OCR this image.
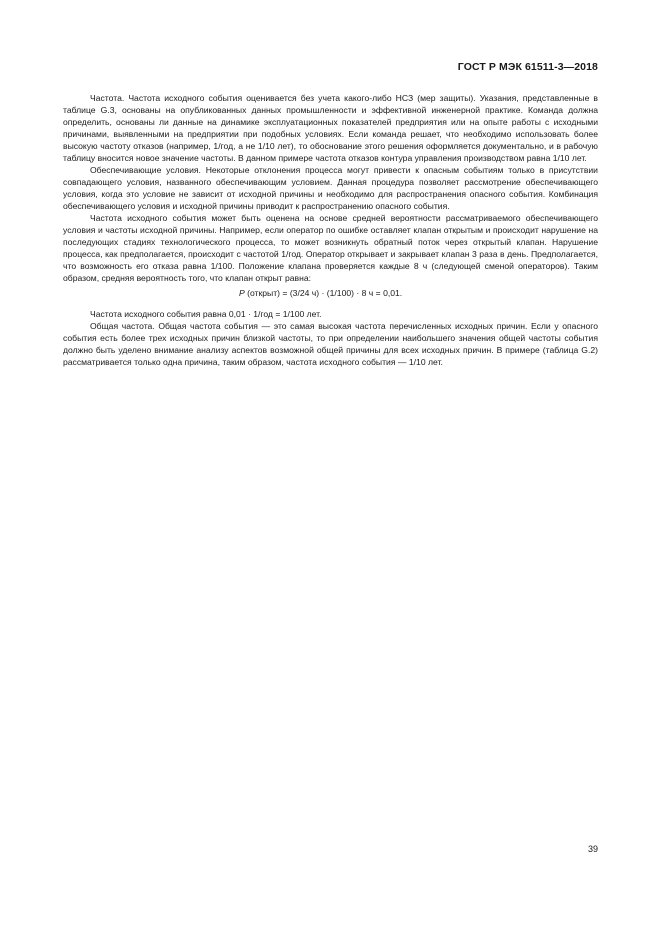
ГОСТ Р МЭК 61511-3—2018

Частота. Частота исходного события оценивается без учета какого-либо НСЗ (мер защиты). Указания, представленные в таблице G.3, основаны на опубликованных данных промышленности и эффективной инженерной практике. Команда должна определить, основаны ли данные на динамике эксплуатационных показателей предприятия или на опыте работы с исходными причинами, выявленными на предприятии при подобных условиях. Если команда решает, что необходимо использовать более высокую частоту отказов (например, 1/год, а не 1/10 лет), то обоснование этого решения оформляется документально, и в рабочую таблицу вносится новое значение частоты. В данном примере частота отказов контура управления производством равна 1/10 лет.

Обеспечивающие условия. Некоторые отклонения процесса могут привести к опасным событиям только в присутствии совпадающего условия, названного обеспечивающим условием. Данная процедура позволяет рассмотрение обеспечивающего условия, когда это условие не зависит от исходной причины и необходимо для распространения опасного события. Комбинация обеспечивающего условия и исходной причины приводит к распространению опасного события.

Частота исходного события может быть оценена на основе средней вероятности рассматриваемого обеспечивающего условия и частоты исходной причины. Например, если оператор по ошибке оставляет клапан открытым и происходит нарушение на последующих стадиях технологического процесса, то может возникнуть обратный поток через открытый клапан. Нарушение процесса, как предполагается, происходит с частотой 1/год. Оператор открывает и закрывает клапан 3 раза в день. Предполагается, что возможность его отказа равна 1/100. Положение клапана проверяется каждые 8 ч (следующей сменой операторов). Таким образом, средняя вероятность того, что клапан открыт равна:

P (открыт) = (3/24 ч) · (1/100) · 8 ч = 0,01.

Частота исходного события равна 0,01 · 1/год = 1/100 лет.

Общая частота. Общая частота события — это самая высокая частота перечисленных исходных причин. Если у опасного события есть более трех исходных причин близкой частоты, то при определении наибольшего значения общей частоты события должно быть уделено внимание анализу аспектов возможной общей причины для всех исходных причин. В примере (таблица G.2) рассматривается только одна причина, таким образом, частота исходного события — 1/10 лет.

39
